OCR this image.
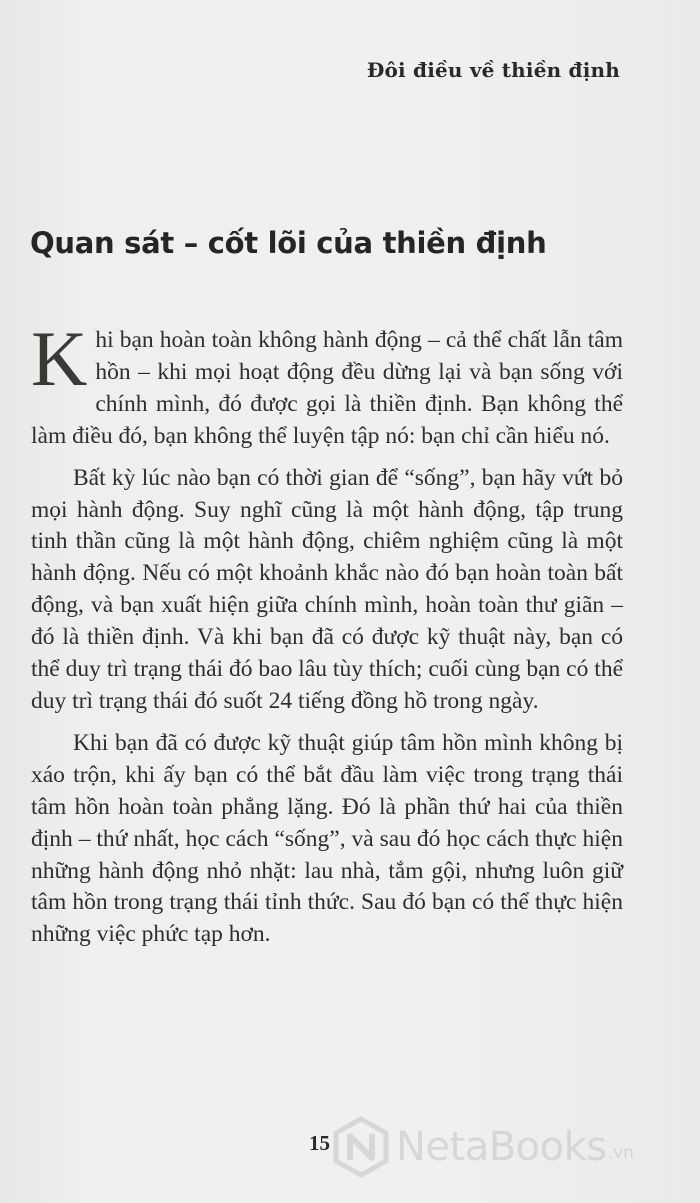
Đôi điều về thiền định
Quan sát – cốt lõi của thiền định

Khi bạn hoàn toàn không hành động – cả thể chất lẫn tâm hồn – khi mọi hoạt động đều dừng lại và bạn sống với chính mình, đó được gọi là thiền định. Bạn không thể làm điều đó, bạn không thể luyện tập nó: bạn chỉ cần hiểu nó.

Bất kỳ lúc nào bạn có thời gian để “sống”, bạn hãy vứt bỏ mọi hành động. Suy nghĩ cũng là một hành động, tập trung tinh thần cũng là một hành động, chiêm nghiệm cũng là một hành động. Nếu có một khoảnh khắc nào đó bạn hoàn toàn bất động, và bạn xuất hiện giữa chính mình, hoàn toàn thư giãn – đó là thiền định. Và khi bạn đã có được kỹ thuật này, bạn có thể duy trì trạng thái đó bao lâu tùy thích; cuối cùng bạn có thể duy trì trạng thái đó suốt 24 tiếng đồng hồ trong ngày.

Khi bạn đã có được kỹ thuật giúp tâm hồn mình không bị xáo trộn, khi ấy bạn có thể bắt đầu làm việc trong trạng thái tâm hồn hoàn toàn phẳng lặng. Đó là phần thứ hai của thiền định – thứ nhất, học cách “sống”, và sau đó học cách thực hiện những hành động nhỏ nhặt: lau nhà, tắm gội, nhưng luôn giữ tâm hồn trong trạng thái tỉnh thức. Sau đó bạn có thể thực hiện những việc phức tạp hơn.

15 NetaBooks .vn
